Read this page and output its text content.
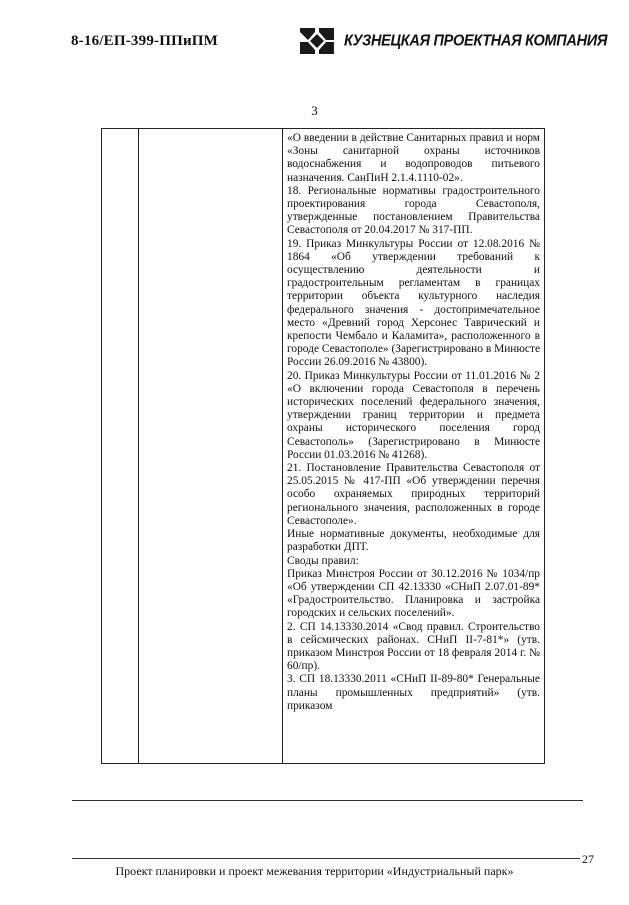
8-16/ЕП-399-ППиПМ	КУЗНЕЦКАЯ ПРОЕКТНАЯ КОМПАНИЯ
3

«О введении в действие Санитарных правил и норм «Зоны санитарной охраны источников водоснабжения и водопроводов питьевого назначения. СанПиН 2.1.4.1110-02».

18. Региональные нормативы градостроительного проектирования города Севастополя, утвержденные постановлением Правительства Севастополя от 20.04.2017 № 317-ПП.

19. Приказ Минкультуры России от 12.08.2016 № 1864 «Об утверждении требований к осуществлению деятельности и градостроительным регламентам в границах территории объекта культурного наследия федерального значения - достопримечательное место «Древний город Херсонес Таврический и крепости Чембало и Каламита», расположенного в городе Севастополе» (Зарегистрировано в Минюсте России 26.09.2016 № 43800).

20. Приказ Минкультуры России от 11.01.2016 № 2 «О включении города Севастополя в перечень исторических поселений федерального значения, утверждении границ территории и предмета охраны исторического поселения город Севастополь» (Зарегистрировано в Минюсте России 01.03.2016 № 41268).

21. Постановление Правительства Севастополя от 25.05.2015 № 417-ПП «Об утверждении перечня особо охраняемых природных территорий регионального значения, расположенных в городе Севастополе».

Иные нормативные документы, необходимые для разработки ДПТ.

Своды правил:

Приказ Минстроя России от 30.12.2016 № 1034/пр «Об утверждении СП 42.13330 «СНиП 2.07.01-89* «Градостроительство. Планировка и застройка городских и сельских поселений».

2. СП 14.13330.2014 «Свод правил. Строительство в сейсмических районах. СНиП II-7-81*» (утв. приказом Минстроя России от 18 февраля 2014 г. № 60/пр).

3. СП 18.13330.2011 «СНиП II-89-80* Генеральные планы промышленных предприятий» (утв. приказом

27
Проект планировки и проект межевания территории «Индустриальный парк»
